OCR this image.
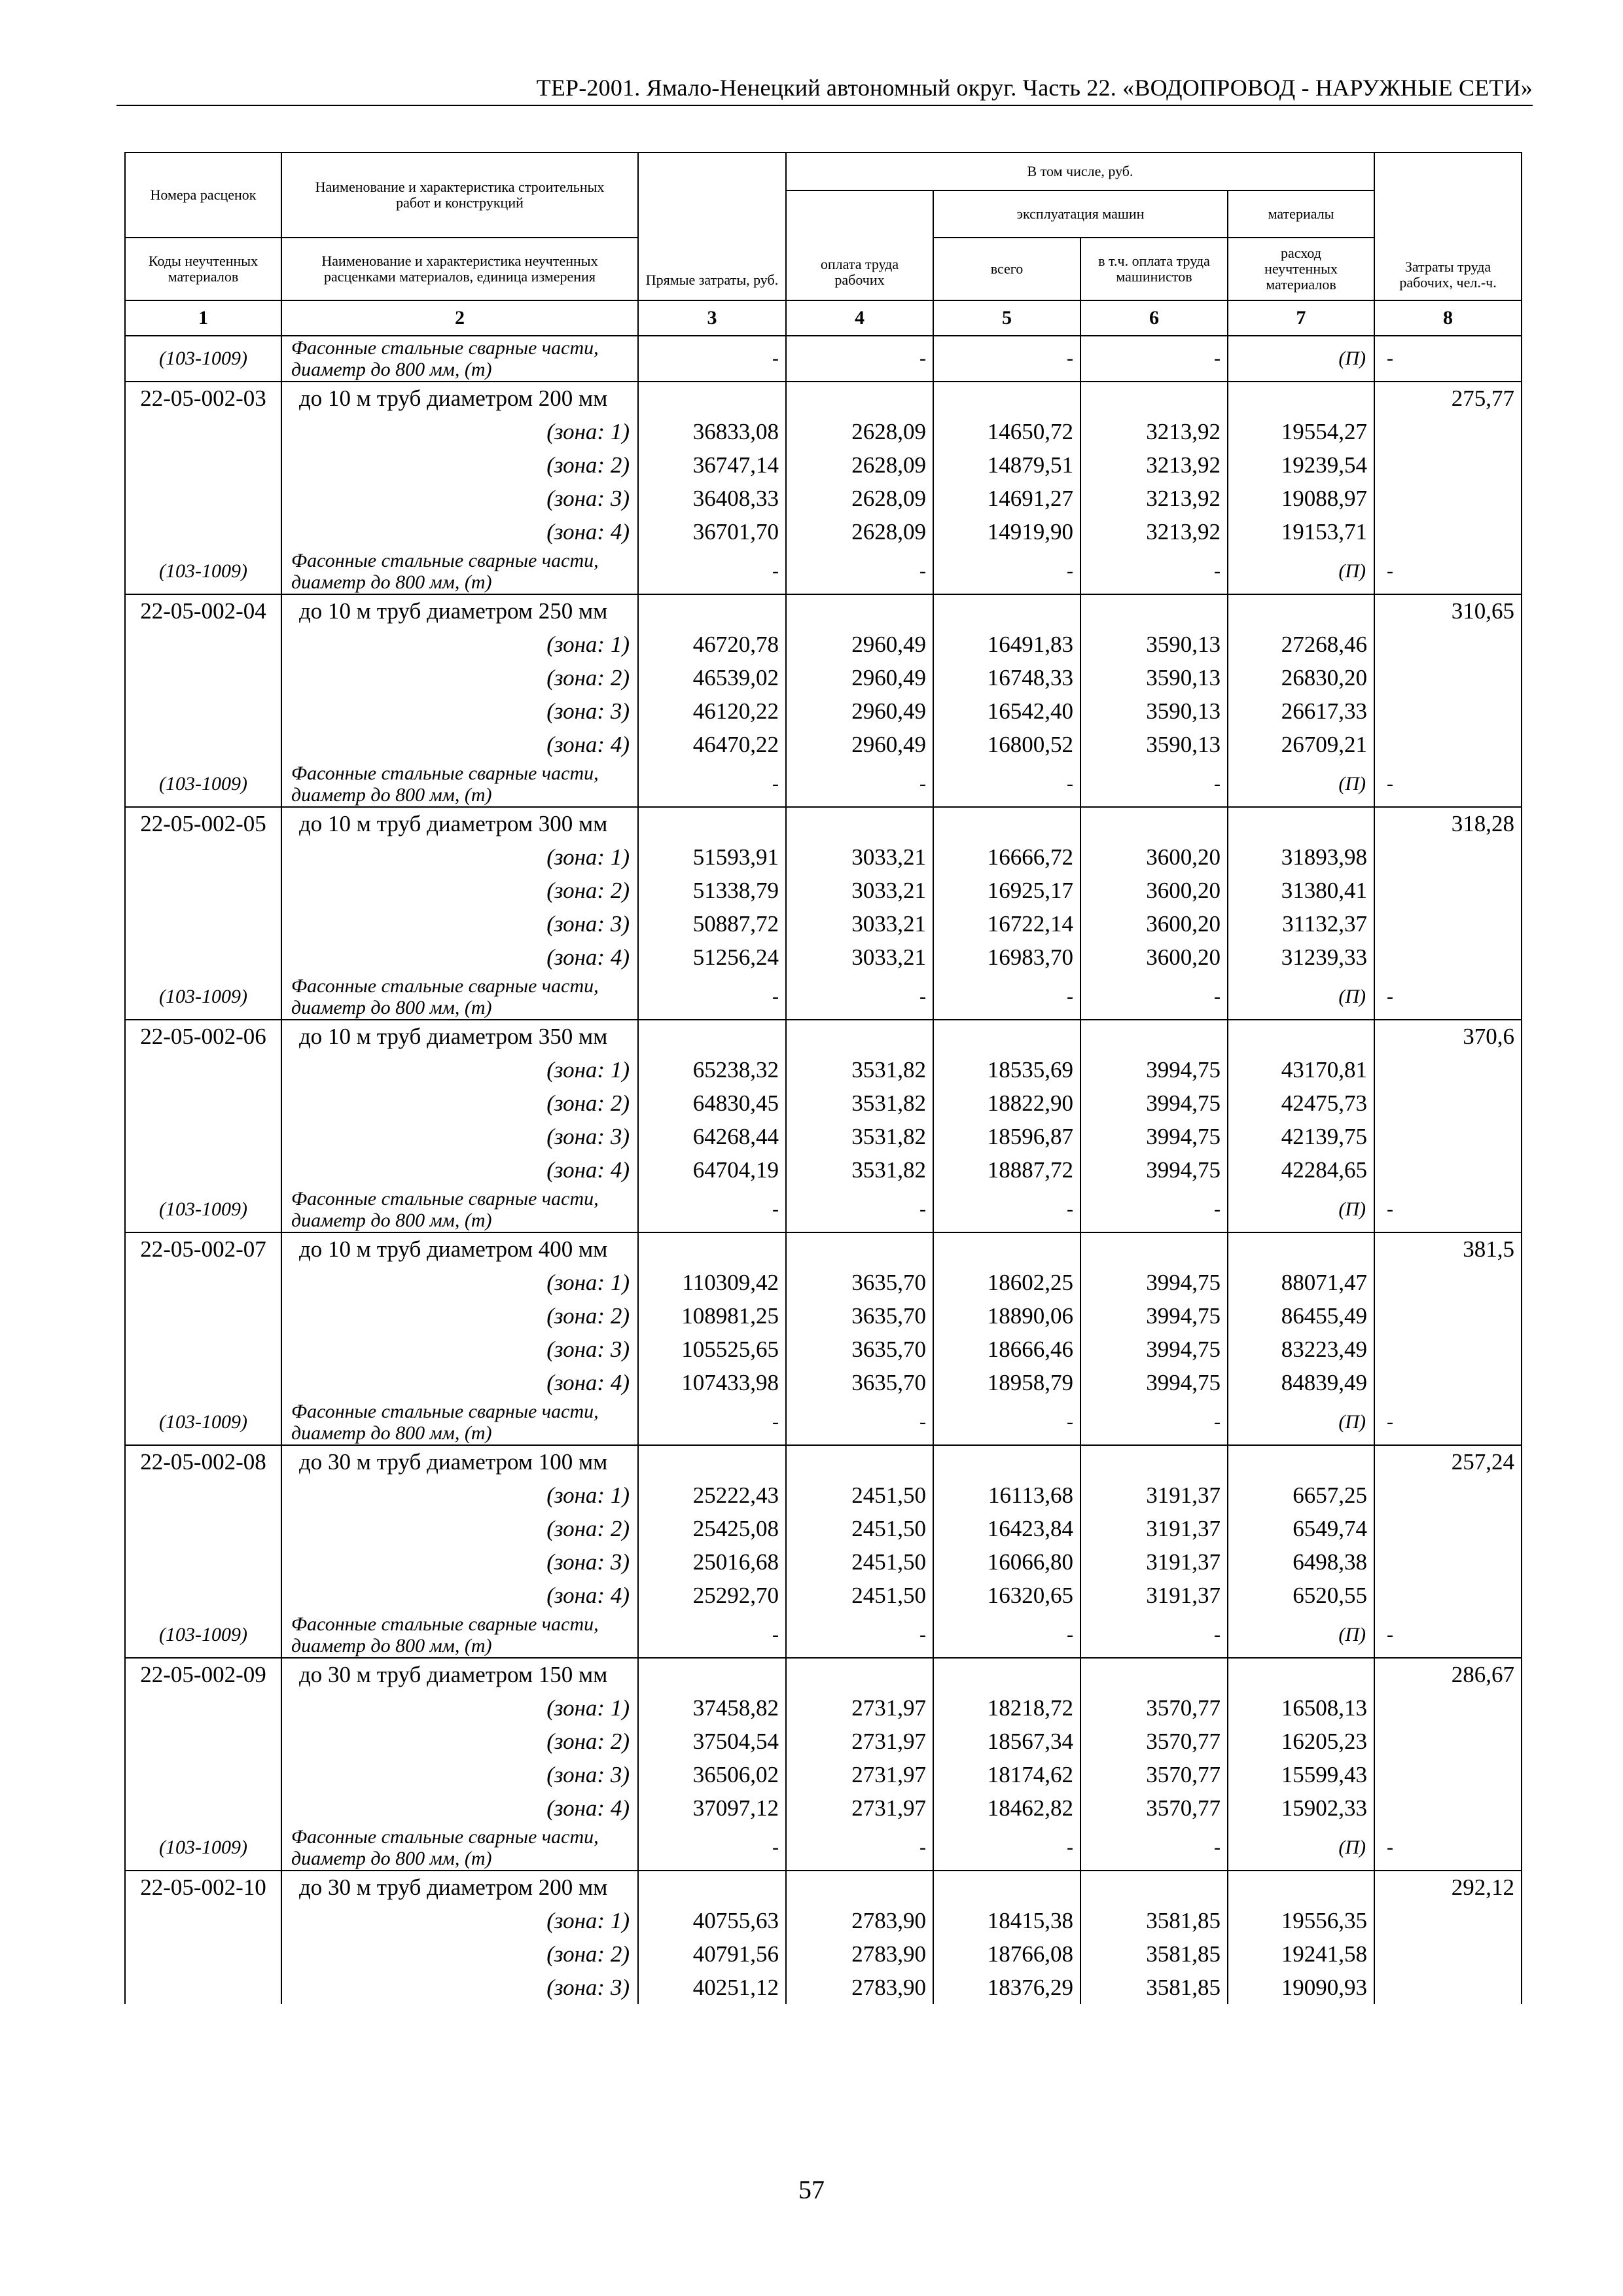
ТЕР-2001. Ямало-Ненецкий автономный округ. Часть 22. «ВОДОПРОВОД - НАРУЖНЫЕ СЕТИ»
Номера расценок	Наименование и характеристика строительных работ и конструкций	Прямые затраты, руб.	В том числе, руб.				Затраты труда рабочих, чел.-ч.
			оплата труда рабочих	эксплуатация машин		материалы	
Коды неучтенных материалов	Наименование и характеристика неучтенных расценками материалов, единица измерения			всего	в т.ч. оплата труда машинистов	расход неучтенных материалов	
1	2	3	4	5	6	7	8
(103-1009)	Фасонные стальные сварные части, диаметр до 800 мм, (т)	-	-	-	-	(П)	-
22-05-002-03	до 10 м труб диаметром 200 мм						275,77
	(зона: 1)	36833,08	2628,09	14650,72	3213,92	19554,27	
	(зона: 2)	36747,14	2628,09	14879,51	3213,92	19239,54	
	(зона: 3)	36408,33	2628,09	14691,27	3213,92	19088,97	
	(зона: 4)	36701,70	2628,09	14919,90	3213,92	19153,71	
(103-1009)	Фасонные стальные сварные части, диаметр до 800 мм, (т)	-	-	-	-	(П)	-
22-05-002-04	до 10 м труб диаметром 250 мм						310,65
	(зона: 1)	46720,78	2960,49	16491,83	3590,13	27268,46	
	(зона: 2)	46539,02	2960,49	16748,33	3590,13	26830,20	
	(зона: 3)	46120,22	2960,49	16542,40	3590,13	26617,33	
	(зона: 4)	46470,22	2960,49	16800,52	3590,13	26709,21	
(103-1009)	Фасонные стальные сварные части, диаметр до 800 мм, (т)	-	-	-	-	(П)	-
22-05-002-05	до 10 м труб диаметром 300 мм						318,28
	(зона: 1)	51593,91	3033,21	16666,72	3600,20	31893,98	
	(зона: 2)	51338,79	3033,21	16925,17	3600,20	31380,41	
	(зона: 3)	50887,72	3033,21	16722,14	3600,20	31132,37	
	(зона: 4)	51256,24	3033,21	16983,70	3600,20	31239,33	
(103-1009)	Фасонные стальные сварные части, диаметр до 800 мм, (т)	-	-	-	-	(П)	-
22-05-002-06	до 10 м труб диаметром 350 мм						370,6
	(зона: 1)	65238,32	3531,82	18535,69	3994,75	43170,81	
	(зона: 2)	64830,45	3531,82	18822,90	3994,75	42475,73	
	(зона: 3)	64268,44	3531,82	18596,87	3994,75	42139,75	
	(зона: 4)	64704,19	3531,82	18887,72	3994,75	42284,65	
(103-1009)	Фасонные стальные сварные части, диаметр до 800 мм, (т)	-	-	-	-	(П)	-
22-05-002-07	до 10 м труб диаметром 400 мм						381,5
	(зона: 1)	110309,42	3635,70	18602,25	3994,75	88071,47	
	(зона: 2)	108981,25	3635,70	18890,06	3994,75	86455,49	
	(зона: 3)	105525,65	3635,70	18666,46	3994,75	83223,49	
	(зона: 4)	107433,98	3635,70	18958,79	3994,75	84839,49	
(103-1009)	Фасонные стальные сварные части, диаметр до 800 мм, (т)	-	-	-	-	(П)	-
22-05-002-08	до 30 м труб диаметром 100 мм						257,24
	(зона: 1)	25222,43	2451,50	16113,68	3191,37	6657,25	
	(зона: 2)	25425,08	2451,50	16423,84	3191,37	6549,74	
	(зона: 3)	25016,68	2451,50	16066,80	3191,37	6498,38	
	(зона: 4)	25292,70	2451,50	16320,65	3191,37	6520,55	
(103-1009)	Фасонные стальные сварные части, диаметр до 800 мм, (т)	-	-	-	-	(П)	-
22-05-002-09	до 30 м труб диаметром 150 мм						286,67
	(зона: 1)	37458,82	2731,97	18218,72	3570,77	16508,13	
	(зона: 2)	37504,54	2731,97	18567,34	3570,77	16205,23	
	(зона: 3)	36506,02	2731,97	18174,62	3570,77	15599,43	
	(зона: 4)	37097,12	2731,97	18462,82	3570,77	15902,33	
(103-1009)	Фасонные стальные сварные части, диаметр до 800 мм, (т)	-	-	-	-	(П)	-
22-05-002-10	до 30 м труб диаметром 200 мм						292,12
	(зона: 1)	40755,63	2783,90	18415,38	3581,85	19556,35	
	(зона: 2)	40791,56	2783,90	18766,08	3581,85	19241,58	
	(зона: 3)	40251,12	2783,90	18376,29	3581,85	19090,93	
57
